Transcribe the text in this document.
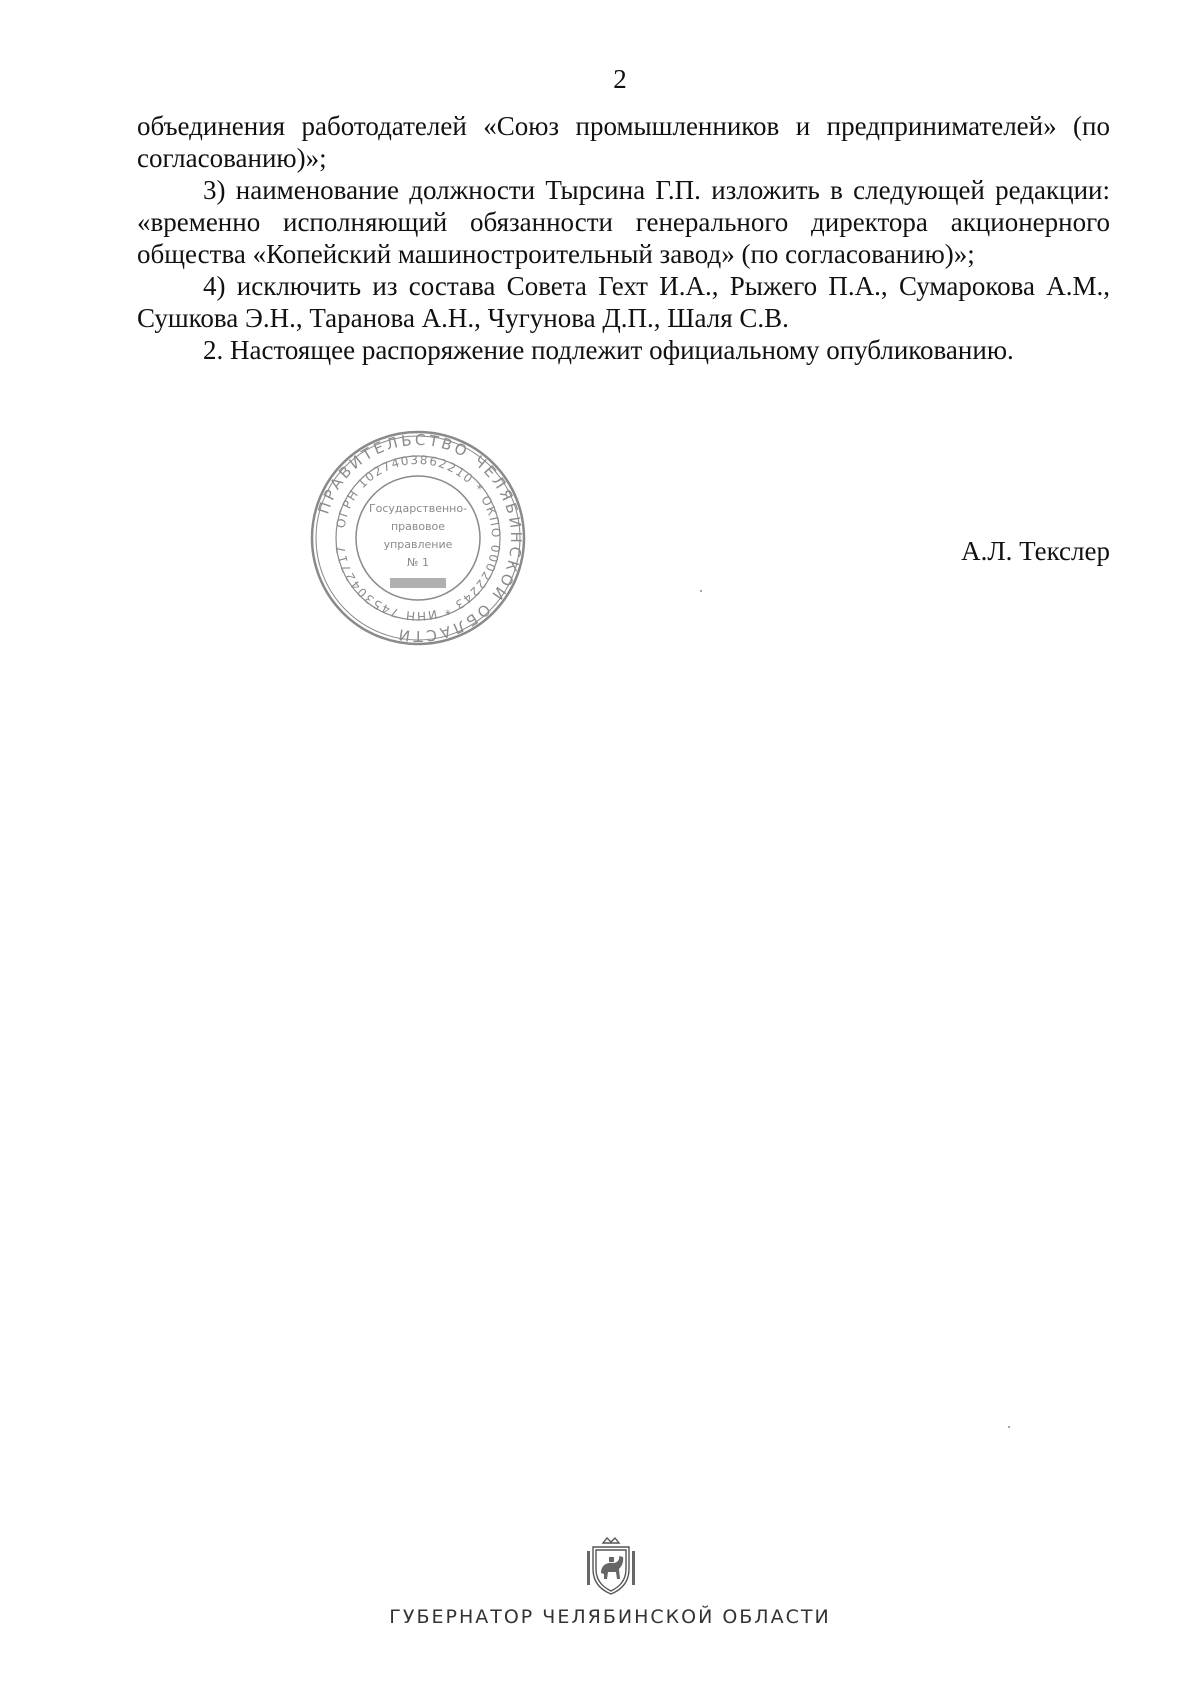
2

объединения работодателей «Союз промышленников и предпринимателей» (по согласованию)»;

3) наименование должности Тырсина Г.П. изложить в следующей редакции: «временно исполняющий обязанности генерального директора акционерного общества «Копейский машиностроительный завод» (по согласованию)»;

4) исключить из состава Совета Гехт И.А., Рыжего П.А., Сумарокова А.М., Сушкова Э.Н., Таранова А.Н., Чугунова Д.П., Шаля С.В.

2. Настоящее распоряжение подлежит официальному опубликованию.

ПРАВИТЕЛЬСТВО ЧЕЛЯБИНСКОЙ ОБЛАСТИ
ОГРН 1027403862210 * ОКПО 00022243 * ИНН 7453042717
Государственно-
правовое
управление
№ 1	А.Л. Текслер
ГУБЕРНАТОР ЧЕЛЯБИНСКОЙ ОБЛАСТИ
